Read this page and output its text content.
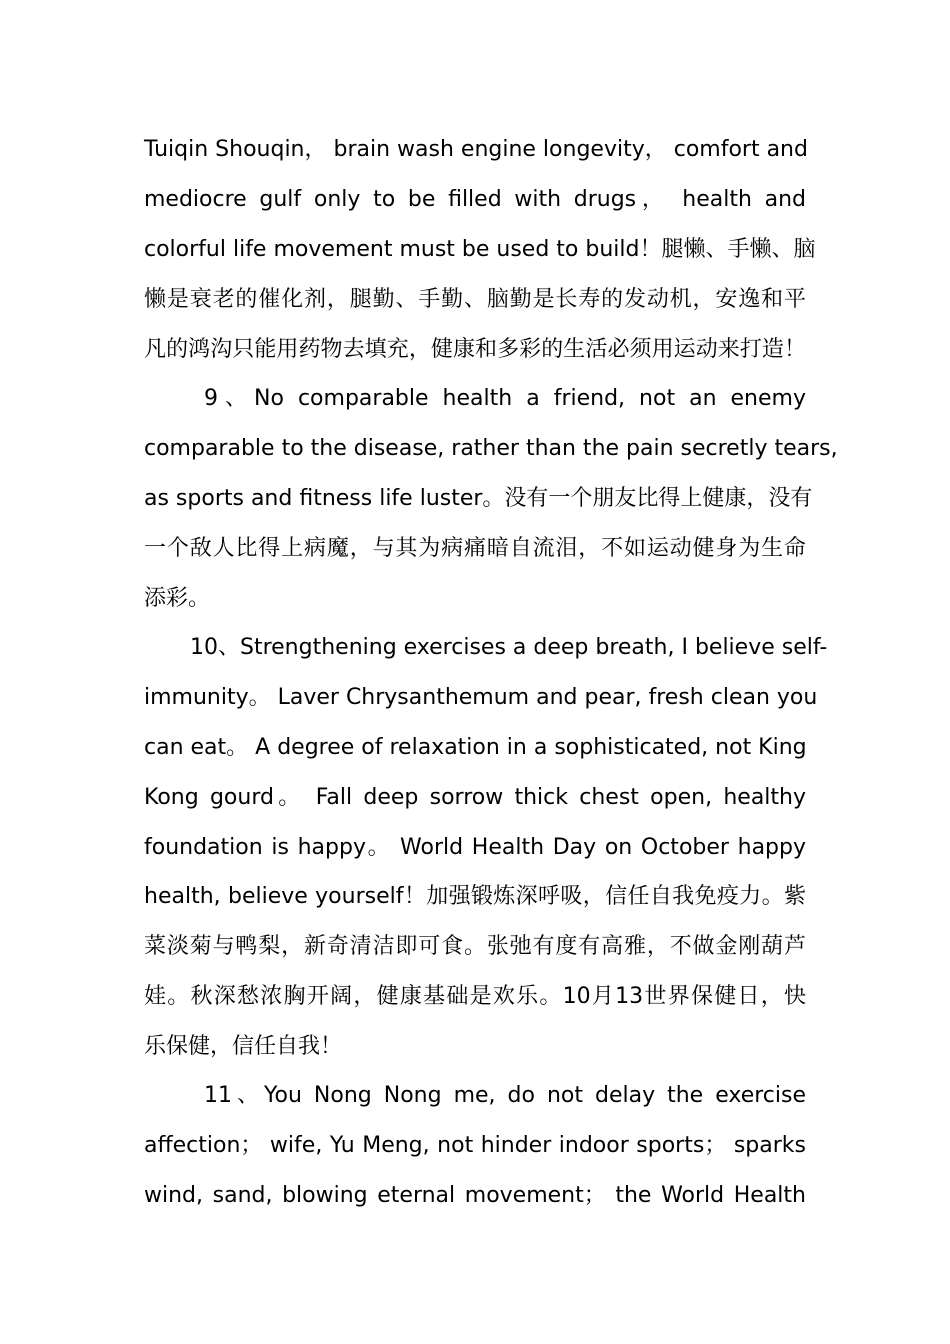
Tuiqin Shouqin， brain wash engine longevity， comfort and
mediocre gulf only to be filled with drugs， health and
colorful life movement must be used to build！腿懒、手懒、脑
懒是衰老的催化剂，腿勤、手勤、脑勤是长寿的发动机，安逸和平
凡的鸿沟只能用药物去填充，健康和多彩的生活必须用运动来打造！
9、No comparable health a friend, not an enemy
comparable to the disease, rather than the pain secretly tears,
as sports and fitness life luster。没有一个朋友比得上健康，没有
一个敌人比得上病魔，与其为病痛暗自流泪，不如运动健身为生命
添彩。
10、Strengthening exercises a deep breath, I believe self-
immunity。 Laver Chrysanthemum and pear, fresh clean you
can eat。 A degree of relaxation in a sophisticated, not King
Kong gourd。 Fall deep sorrow thick chest open, healthy
foundation is happy。 World Health Day on October happy
health, believe yourself！加强锻炼深呼吸，信任自我免疫力。紫
菜淡菊与鸭梨，新奇清洁即可食。张弛有度有高雅，不做金刚葫芦
娃。秋深愁浓胸开阔，健康基础是欢乐。10月13世界保健日，快
乐保健，信任自我！
11、You Nong Nong me, do not delay the exercise
affection； wife, Yu Meng, not hinder indoor sports； sparks
wind, sand, blowing eternal movement； the World Health
